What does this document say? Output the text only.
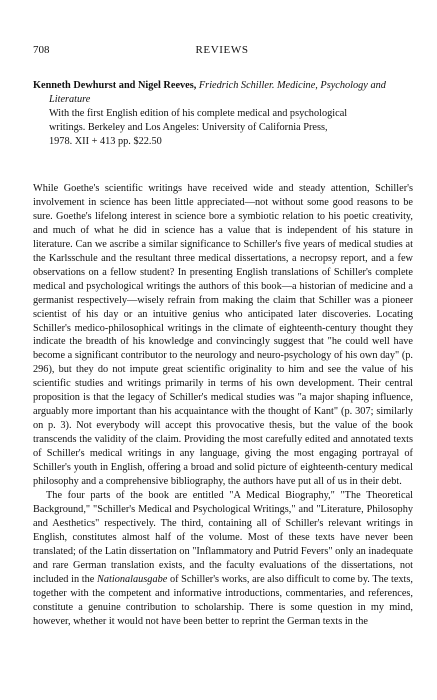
708	REVIEWS

Kenneth Dewhurst and Nigel Reeves, Friedrich Schiller. Medicine, Psychology and Literature

With the first English edition of his complete medical and psychological

writings. Berkeley and Los Angeles: University of California Press,

1978. XII + 413 pp. $22.50

While Goethe's scientific writings have received wide and steady attention, Schiller's involvement in science has been little appreciated—not without some good reasons to be sure. Goethe's lifelong interest in science bore a symbiotic relation to his poetic creativity, and much of what he did in science has a value that is independent of his stature in literature. Can we ascribe a similar significance to Schiller's five years of medical studies at the Karlsschule and the resultant three medical dissertations, a necropsy report, and a few observations on a fellow student? In presenting English translations of Schiller's complete medical and psychological writings the authors of this book—a historian of medicine and a germanist respectively—wisely refrain from making the claim that Schiller was a pioneer scientist of his day or an intuitive genius who anticipated later discoveries. Locating Schiller's medico-philosophical writings in the climate of eighteenth-century thought they indicate the breadth of his knowledge and convincingly suggest that "he could well have become a significant contributor to the neurology and neuro-psychology of his own day" (p. 296), but they do not impute great scientific originality to him and see the value of his scientific studies and writings primarily in terms of his own development. Their central proposition is that the legacy of Schiller's medical studies was "a major shaping influence, arguably more important than his acquaintance with the thought of Kant" (p. 307; similarly on p. 3). Not everybody will accept this provocative thesis, but the value of the book transcends the validity of the claim. Providing the most carefully edited and annotated texts of Schiller's medical writings in any language, giving the most engaging portrayal of Schiller's youth in English, offering a broad and solid picture of eighteenth-century medical philosophy and a comprehensive bibliography, the authors have put all of us in their debt.

The four parts of the book are entitled "A Medical Biography," "The Theoretical Background," "Schiller's Medical and Psychological Writings," and "Literature, Philosophy and Aesthetics" respectively. The third, containing all of Schiller's relevant writings in English, constitutes almost half of the volume. Most of these texts have never been translated; of the Latin dissertation on "Inflammatory and Putrid Fevers" only an inadequate and rare German translation exists, and the faculty evaluations of the dissertations, not included in the Nationalausgabe of Schiller's works, are also difficult to come by. The texts, together with the competent and informative introductions, commentaries, and references, constitute a genuine contribution to scholarship. There is some question in my mind, however, whether it would not have been better to reprint the German texts in the
